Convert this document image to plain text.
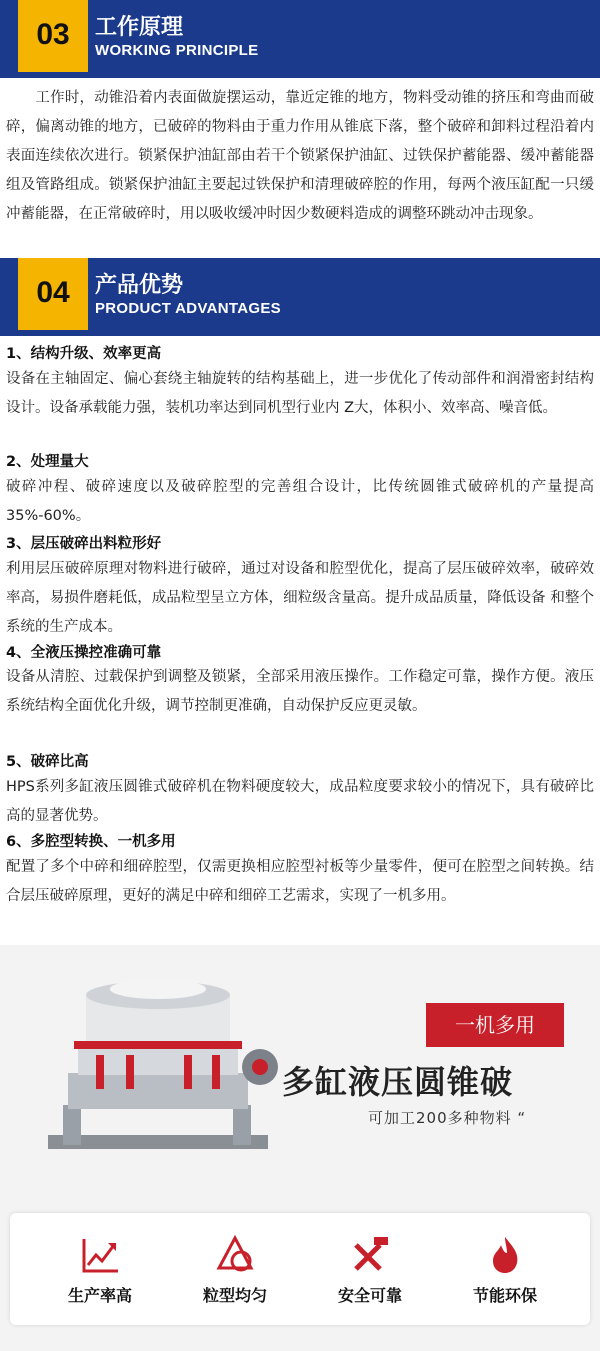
03	工作原理
WORKING PRINCIPLE
　　工作时，动锥沿着内表面做旋摆运动，靠近定锥的地方，物料受动锥的挤压和弯曲而破碎，偏离动锥的地方，已破碎的物料由于重力作用从锥底下落，整个破碎和卸料过程沿着内表面连续依次进行。锁紧保护油缸部由若干个锁紧保护油缸、过铁保护蓄能器、缓冲蓄能器组及管路组成。锁紧保护油缸主要起过铁保护和清理破碎腔的作用，每两个液压缸配一只缓冲蓄能器，在正常破碎时，用以吸收缓冲时因少数硬料造成的调整环跳动冲击现象。
04	产品优势
PRODUCT ADVANTAGES
1、结构升级、效率更高
设备在主轴固定、偏心套绕主轴旋转的结构基础上，进一步优化了传动部件和润滑密封结构设计。设备承载能力强，装机功率达到同机型行业内 Z大，体积小、效率高、噪音低。
2、处理量大
破碎冲程、破碎速度以及破碎腔型的完善组合设计，比传统圆锥式破碎机的产量提高 35%-60%。
3、层压破碎出料粒形好
利用层压破碎原理对物料进行破碎，通过对设备和腔型优化，提高了层压破碎效率，破碎效率高，易损件磨耗低，成品粒型呈立方体，细粒级含量高。提升成品质量，降低设备 和整个系统的生产成本。
4、全液压操控准确可靠
设备从清腔、过载保护到调整及锁紧，全部采用液压操作。工作稳定可靠，操作方便。液压系统结构全面优化升级，调节控制更准确，自动保护反应更灵敏。
5、破碎比高
HPS系列多缸液压圆锥式破碎机在物料硬度较大，成品粒度要求较小的情况下，具有破碎比高的显著优势。
6、多腔型转换、一机多用
配置了多个中碎和细碎腔型，仅需更换相应腔型衬板等少量零件，便可在腔型之间转换。结合层压破碎原理，更好的满足中碎和细碎工艺需求，实现了一机多用。
一机多用
多缸液压圆锥破
可加工200多种物料 “
生产率高	粒型均匀	安全可靠	节能环保
